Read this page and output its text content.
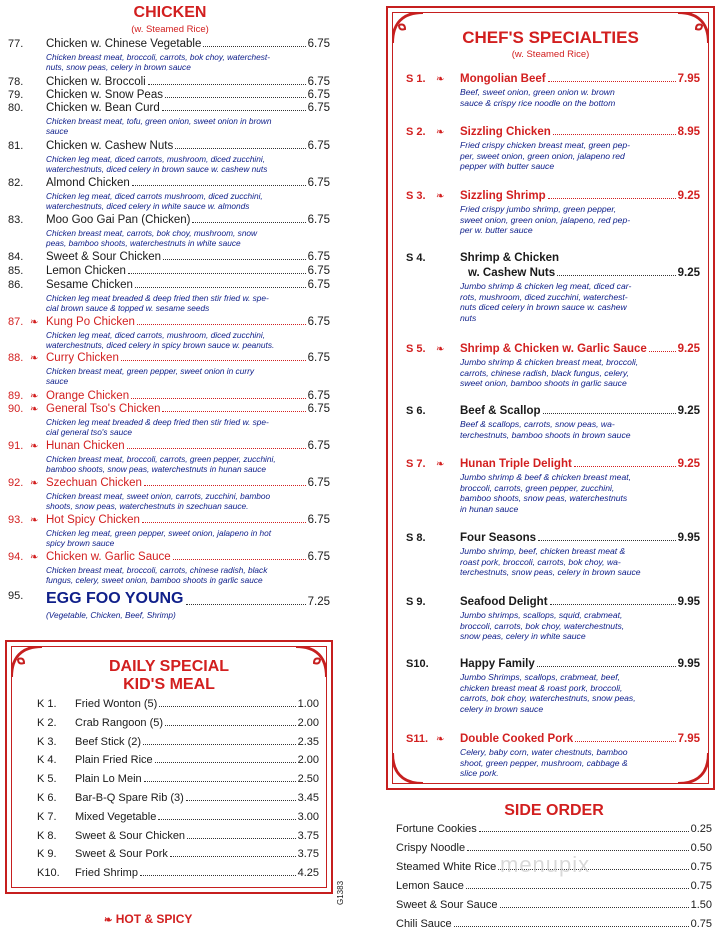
CHICKEN
(w. Steamed Rice)
77. Chicken w. Chinese Vegetable	6.75
Chicken breast meat, broccoli, carrots, bok choy, waterchest-
nuts, snow peas, celery in brown sauce
78. Chicken w. Broccoli	6.75
79. Chicken w. Snow Peas	6.75
80. Chicken w. Bean Curd	6.75
Chicken breast meat, tofu, green onion, sweet onion in brown
sauce
81. Chicken w. Cashew Nuts	6.75
Chicken leg meat, diced carrots, mushroom, diced zucchini,
waterchestnuts, diced celery in brown sauce w. cashew nuts
82. Almond Chicken	6.75
Chicken leg meat, diced carrots mushroom, diced zucchini,
waterchestnuts, diced celery in white sauce w. almonds
83. Moo Goo Gai Pan (Chicken)	6.75
Chicken breast meat, carrots, bok choy, mushroom, snow
peas, bamboo shoots, waterchestnuts in white sauce
84. Sweet & Sour Chicken	6.75
85. Lemon Chicken	6.75
86. Sesame Chicken	6.75
Chicken leg meat breaded & deep fried then stir fried w. spe-
cial brown sauce & topped w. sesame seeds
87. ❧ Kung Po Chicken	6.75
Chicken leg meat, diced carrots, mushroom, diced zucchini,
waterchestnuts, diced celery in spicy brown sauce w. peanuts.
88. ❧ Curry Chicken	6.75
Chicken breast meat, green pepper, sweet onion in curry
sauce
89. ❧ Orange Chicken	6.75
90. ❧ General Tso's Chicken	6.75
Chicken leg meat breaded & deep fried then stir fried w. spe-
cial general tso's sauce
91. ❧ Hunan Chicken	6.75
Chicken breast meat, broccoli, carrots, green pepper, zucchini,
bamboo shoots, snow peas, waterchestnuts in hunan sauce
92. ❧ Szechuan Chicken	6.75
Chicken breast meat, sweet onion, carrots, zucchini, bamboo
shoots, snow peas, waterchestnuts in szechuan sauce.
93. ❧ Hot Spicy Chicken	6.75
Chicken leg meat, green pepper, sweet onion, jalapeno in hot
spicy brown sauce
94. ❧ Chicken w. Garlic Sauce	6.75
Chicken breast meat, broccoli, carrots, chinese radish, black
fungus, celery, sweet onion, bamboo shoots in garlic sauce
95. EGG FOO YOUNG	7.25
(Vegetable, Chicken, Beef, Shrimp)
DAILY SPECIAL
KID'S MEAL
K 1. Fried Wonton (5)	1.00
K 2. Crab Rangoon (5)	2.00
K 3. Beef Stick (2)	2.35
K 4. Plain Fried Rice	2.00
K 5. Plain Lo Mein	2.50
K 6. Bar-B-Q Spare Rib (3)	3.45
K 7. Mixed Vegetable	3.00
K 8. Sweet & Sour Chicken	3.75
K 9. Sweet & Sour Pork	3.75
K10. Fried Shrimp	4.25
❧ HOT & SPICY
G1383
CHEF'S SPECIALTIES
(w. Steamed Rice)
S 1. ❧ Mongolian Beef	7.95
Beef, sweet onion, green onion w. brown
sauce & crispy rice noodle on the bottom
S 2. ❧ Sizzling Chicken	8.95
Fried crispy chicken breast meat, green pep-
per, sweet onion, green onion, jalapeno red
pepper with butter sauce
S 3. ❧ Sizzling Shrimp	9.25
Fried crispy jumbo shrimp, green pepper,
sweet onion, green onion, jalapeno, red pep-
per w. butter sauce
S 4.	Shrimp & Chicken
w. Cashew Nuts	9.25
Jumbo shrimp & chicken leg meat, diced car-
rots, mushroom, diced zucchini, waterchest-
nuts diced celery in brown sauce w. cashew
nuts
S 5. ❧ Shrimp & Chicken w. Garlic Sauce	9.25
Jumbo shrimp & chicken breast meat, broccoli,
carrots, chinese radish, black fungus, celery,
sweet onion, bamboo shoots in garlic sauce
S 6.	Beef & Scallop	9.25
Beef & scallops, carrots, snow peas, wa-
terchestnuts, bamboo shoots in brown sauce
S 7. ❧ Hunan Triple Delight	9.25
Jumbo shrimp & beef & chicken breast meat,
broccoli, carrots, green pepper, zucchini,
bamboo shoots, snow peas, waterchestnuts
in hunan sauce
S 8.	Four Seasons	9.95
Jumbo shrimp, beef, chicken breast meat &
roast pork, broccoli, carrots, bok choy, wa-
terchestnuts, snow peas, celery in brown sauce
S 9.	Seafood Delight	9.95
Jumbo shrimps, scallops, squid, crabmeat,
broccoli, carrots, bok choy, waterchestnuts,
snow peas, celery in white sauce
S10.	Happy Family	9.95
Jumbo Shrimps, scallops, crabmeat, beef,
chicken breast meat & roast pork, broccoli,
carrots, bok choy, waterchestnuts, snow peas,
celery in brown sauce
S11. ❧ Double Cooked Pork	7.95
Celery, baby corn, water chestnuts, bamboo
shoot, green pepper, mushroom, cabbage &
slice pork.
SIDE ORDER
Fortune Cookies	0.25
Crispy Noodle	0.50
Steamed White Rice	0.75
Lemon Sauce	0.75
Sweet & Sour Sauce	1.50
Chili Sauce	0.75
menupix
